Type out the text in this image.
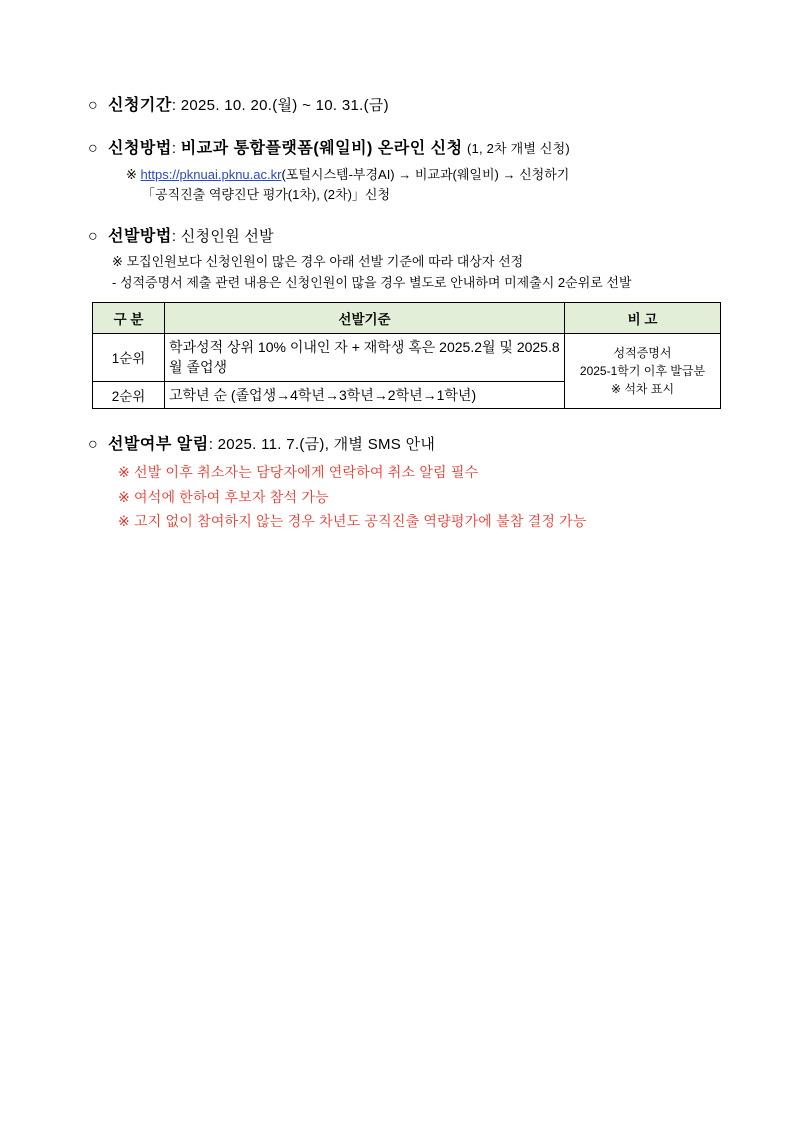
○ 신청기간: 2025. 10. 20.(월) ~ 10. 31.(금)
○ 신청방법: 비교과 통합플랫폼(웨일비) 온라인 신청 (1, 2차 개별 신청)
※ https://pknuai.pknu.ac.kr(포털시스템-부경AI) → 비교과(웨일비) → 신청하기
「공직진출 역량진단 평가(1차), (2차)」신청
○ 선발방법: 신청인원 선발
※ 모집인원보다 신청인원이 많은 경우 아래 선발 기준에 따라 대상자 선정
- 성적증명서 제출 관련 내용은 신청인원이 많을 경우 별도로 안내하며 미제출시 2순위로 선발
구 분	선발기준	비 고
1순위	학과성적 상위 10% 이내인 자 + 재학생 혹은 2025.2월 및 2025.8월 졸업생	성적증명서
2025-1학기 이후 발급분
※ 석차 표시

2순위	고학년 순 (졸업생→4학년→3학년→2학년→1학년)	
○ 선발여부 알림: 2025. 11. 7.(금), 개별 SMS 안내
※ 선발 이후 취소자는 담당자에게 연락하여 취소 알림 필수
※ 여석에 한하여 후보자 참석 가능
※ 고지 없이 참여하지 않는 경우 차년도 공직진출 역량평가에 불참 결정 가능
